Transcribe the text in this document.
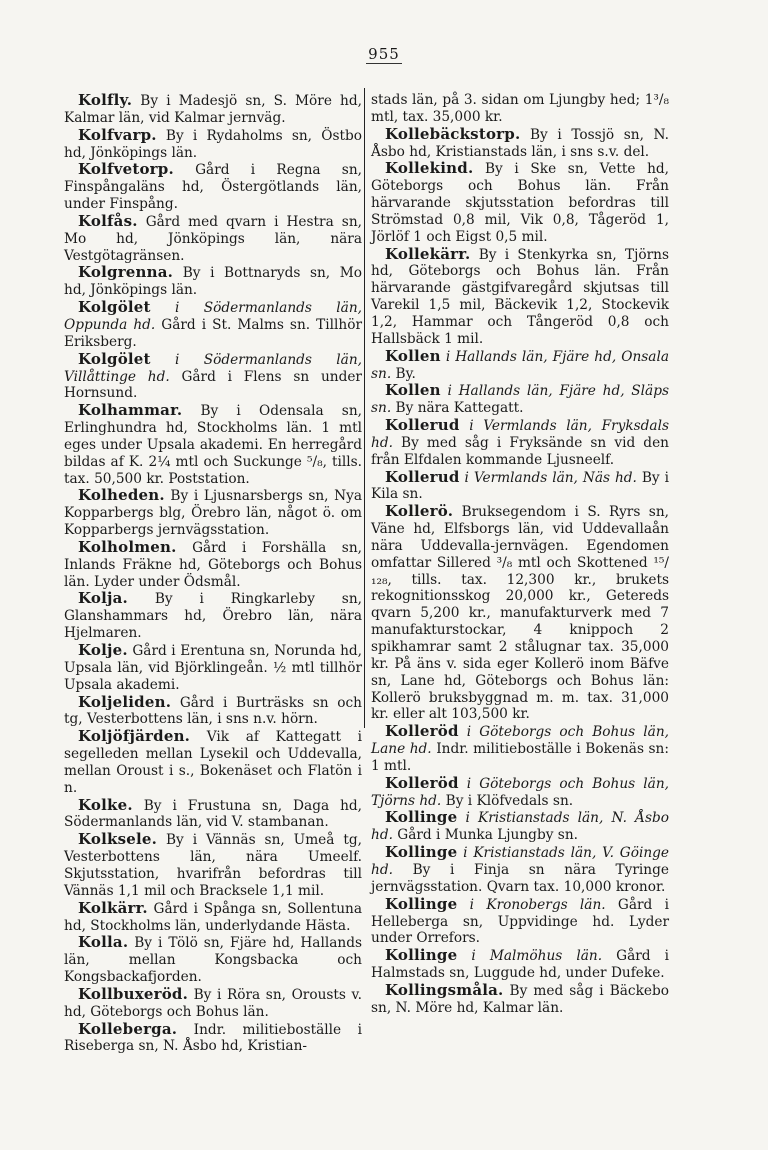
955

Kolfly. By i Madesjö sn, S. Möre hd, Kalmar län, vid Kalmar jernväg.

Kolfvarp. By i Rydaholms sn, Östbo hd, Jönköpings län.

Kolfvetorp. Gård i Regna sn, Finspångaläns hd, Östergötlands län, under Finspång.

Kolfås. Gård med qvarn i Hestra sn, Mo hd, Jönköpings län, nära Vestgötagränsen.

Kolgrenna. By i Bottnaryds sn, Mo hd, Jönköpings län.

Kolgölet i Södermanlands län, Oppunda hd. Gård i St. Malms sn. Tillhör Eriksberg.

Kolgölet i Södermanlands län, Villåttinge hd. Gård i Flens sn under Hornsund.

Kolhammar. By i Odensala sn, Erlinghundra hd, Stockholms län. 1 mtl eges under Upsala akademi. En herregård bildas af K. 2¼ mtl och Suckunge ⁵/₈, tills. tax. 50,500 kr. Poststation.

Kolheden. By i Ljusnarsbergs sn, Nya Kopparbergs blg, Örebro län, något ö. om Kopparbergs jernvägsstation.

Kolholmen. Gård i Forshälla sn, Inlands Fräkne hd, Göteborgs och Bohus län. Lyder under Ödsmål.

Kolja. By i Ringkarleby sn, Glanshammars hd, Örebro län, nära Hjelmaren.

Kolje. Gård i Erentuna sn, Norunda hd, Upsala län, vid Björklingeån. ½ mtl tillhör Upsala akademi.

Koljeliden. Gård i Burträsks sn och tg, Vesterbottens län, i sns n.v. hörn.

Koljöfjärden. Vik af Kattegatt i segelleden mellan Lysekil och Uddevalla, mellan Oroust i s., Bokenäset och Flatön i n.

Kolke. By i Frustuna sn, Daga hd, Södermanlands län, vid V. stambanan.

Kolksele. By i Vännäs sn, Umeå tg, Vesterbottens län, nära Umeelf. Skjutsstation, hvarifrån befordras till Vännäs 1,1 mil och Bracksele 1,1 mil.

Kolkärr. Gård i Spånga sn, Sollentuna hd, Stockholms län, underlydande Hästa.

Kolla. By i Tölö sn, Fjäre hd, Hallands län, mellan Kongsbacka och Kongsbackafjorden.

Kollbuxeröd. By i Röra sn, Orousts v. hd, Göteborgs och Bohus län.

Kolleberga. Indr. militieboställe i Riseberga sn, N. Åsbo hd, Kristian-

stads län, på 3. sidan om Ljungby hed; 1³/₈ mtl, tax. 35,000 kr.

Kollebäckstorp. By i Tossjö sn, N. Åsbo hd, Kristianstads län, i sns s.v. del.

Kollekind. By i Ske sn, Vette hd, Göteborgs och Bohus län. Från härvarande skjutsstation befordras till Strömstad 0,8 mil, Vik 0,8, Tågeröd 1, Jörlöf 1 och Eigst 0,5 mil.

Kollekärr. By i Stenkyrka sn, Tjörns hd, Göteborgs och Bohus län. Från härvarande gästgifvaregård skjutsas till Varekil 1,5 mil, Bäckevik 1,2, Stockevik 1,2, Hammar och Tångeröd 0,8 och Hallsbäck 1 mil.

Kollen i Hallands län, Fjäre hd, Onsala sn. By.

Kollen i Hallands län, Fjäre hd, Släps sn. By nära Kattegatt.

Kollerud i Vermlands län, Fryksdals hd. By med såg i Fryksände sn vid den från Elfdalen kommande Ljusneelf.

Kollerud i Vermlands län, Näs hd. By i Kila sn.

Kollerö. Bruksegendom i S. Ryrs sn, Väne hd, Elfsborgs län, vid Uddevallaån nära Uddevalla-jernvägen. Egendomen omfattar Sillered ³/₈ mtl och Skottened ¹⁵/₁₂₈, tills. tax. 12,300 kr., brukets rekognitionsskog 20,000 kr., Getereds qvarn 5,200 kr., manufakturverk med 7 manufakturstockar, 4 knippoch 2 spikhamrar samt 2 stålugnar tax. 35,000 kr. På äns v. sida eger Kollerö inom Bäfve sn, Lane hd, Göteborgs och Bohus län: Kollerö bruksbyggnad m. m. tax. 31,000 kr. eller alt 103,500 kr.

Kolleröd i Göteborgs och Bohus län, Lane hd. Indr. militieboställe i Bokenäs sn: 1 mtl.

Kolleröd i Göteborgs och Bohus län, Tjörns hd. By i Klöfvedals sn.

Kollinge i Kristianstads län, N. Åsbo hd. Gård i Munka Ljungby sn.

Kollinge i Kristianstads län, V. Göinge hd. By i Finja sn nära Tyringe jernvägsstation. Qvarn tax. 10,000 kronor.

Kollinge i Kronobergs län. Gård i Helleberga sn, Uppvidinge hd. Lyder under Orrefors.

Kollinge i Malmöhus län. Gård i Halmstads sn, Luggude hd, under Dufeke.

Kollingsmåla. By med såg i Bäckebo sn, N. Möre hd, Kalmar län.
